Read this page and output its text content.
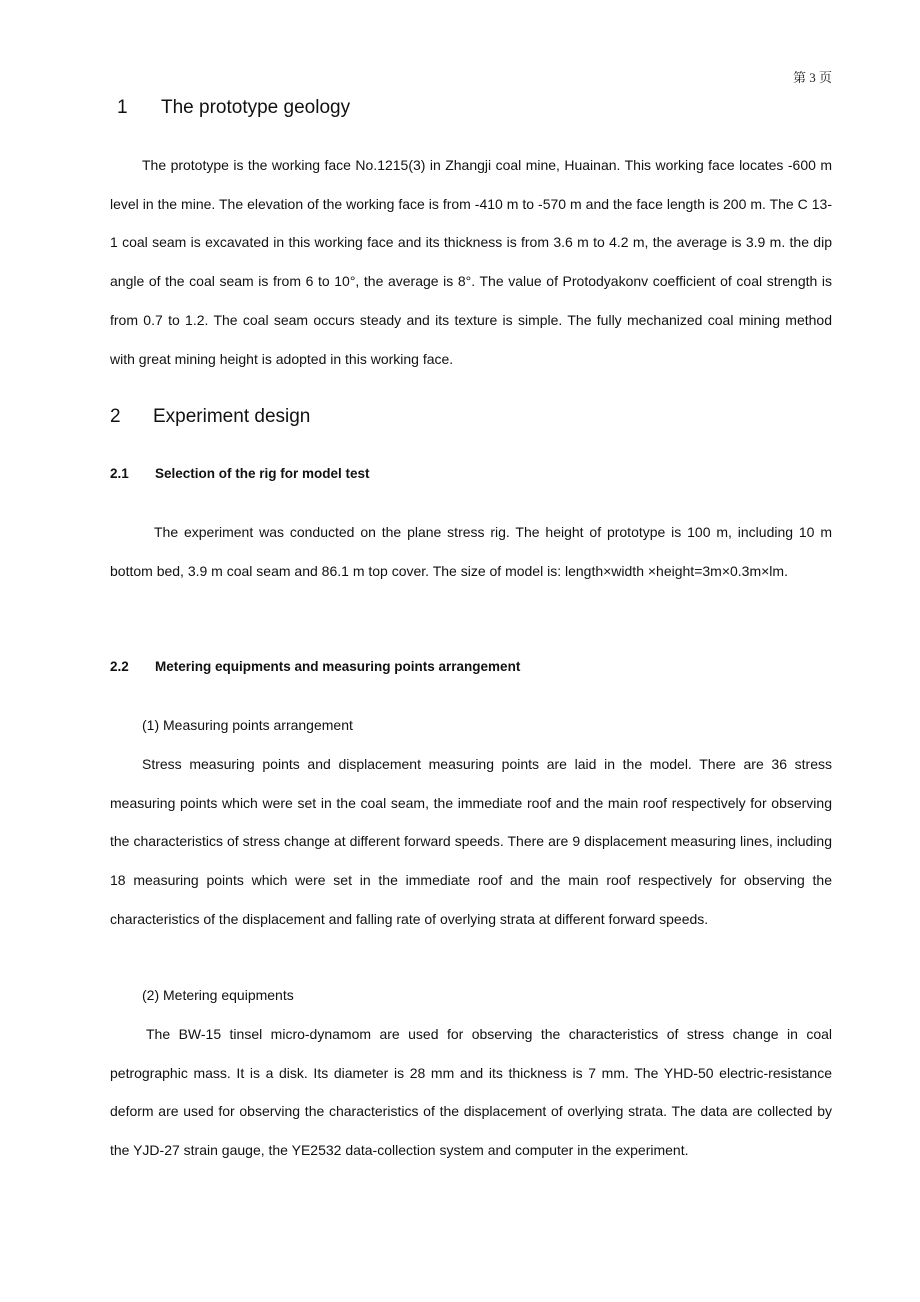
第 3 页
1 The prototype geology

The prototype is the working face No.1215(3) in Zhangji coal mine, Huainan. This working face locates -600 m level in the mine. The elevation of the working face is from -410 m to -570 m and the face length is 200 m. The C 13-1 coal seam is excavated in this working face and its thickness is from 3.6 m to 4.2 m, the average is 3.9 m. the dip angle of the coal seam is from 6 to 10°, the average is 8°. The value of Protodyakonv coefficient of coal strength is from 0.7 to 1.2. The coal seam occurs steady and its texture is simple. The fully mechanized coal mining method with great mining height is adopted in this working face.

2 Experiment design
2.1 Selection of the rig for model test

The experiment was conducted on the plane stress rig. The height of prototype is 100 m, including 10 m bottom bed, 3.9 m coal seam and 86.1 m top cover. The size of model is: length×width ×height=3m×0.3m×lm.

2.2 Metering equipments and measuring points arrangement
(1) Measuring points arrangement

Stress measuring points and displacement measuring points are laid in the model. There are 36 stress measuring points which were set in the coal seam, the immediate roof and the main roof respectively for observing the characteristics of stress change at different forward speeds. There are 9 displacement measuring lines, including 18 measuring points which were set in the immediate roof and the main roof respectively for observing the characteristics of the displacement and falling rate of overlying strata at different forward speeds.

(2) Metering equipments

The BW-15 tinsel micro-dynamom are used for observing the characteristics of stress change in coal petrographic mass. It is a disk. Its diameter is 28 mm and its thickness is 7 mm. The YHD-50 electric-resistance deform are used for observing the characteristics of the displacement of overlying strata. The data are collected by the YJD-27 strain gauge, the YE2532 data-collection system and computer in the experiment.
